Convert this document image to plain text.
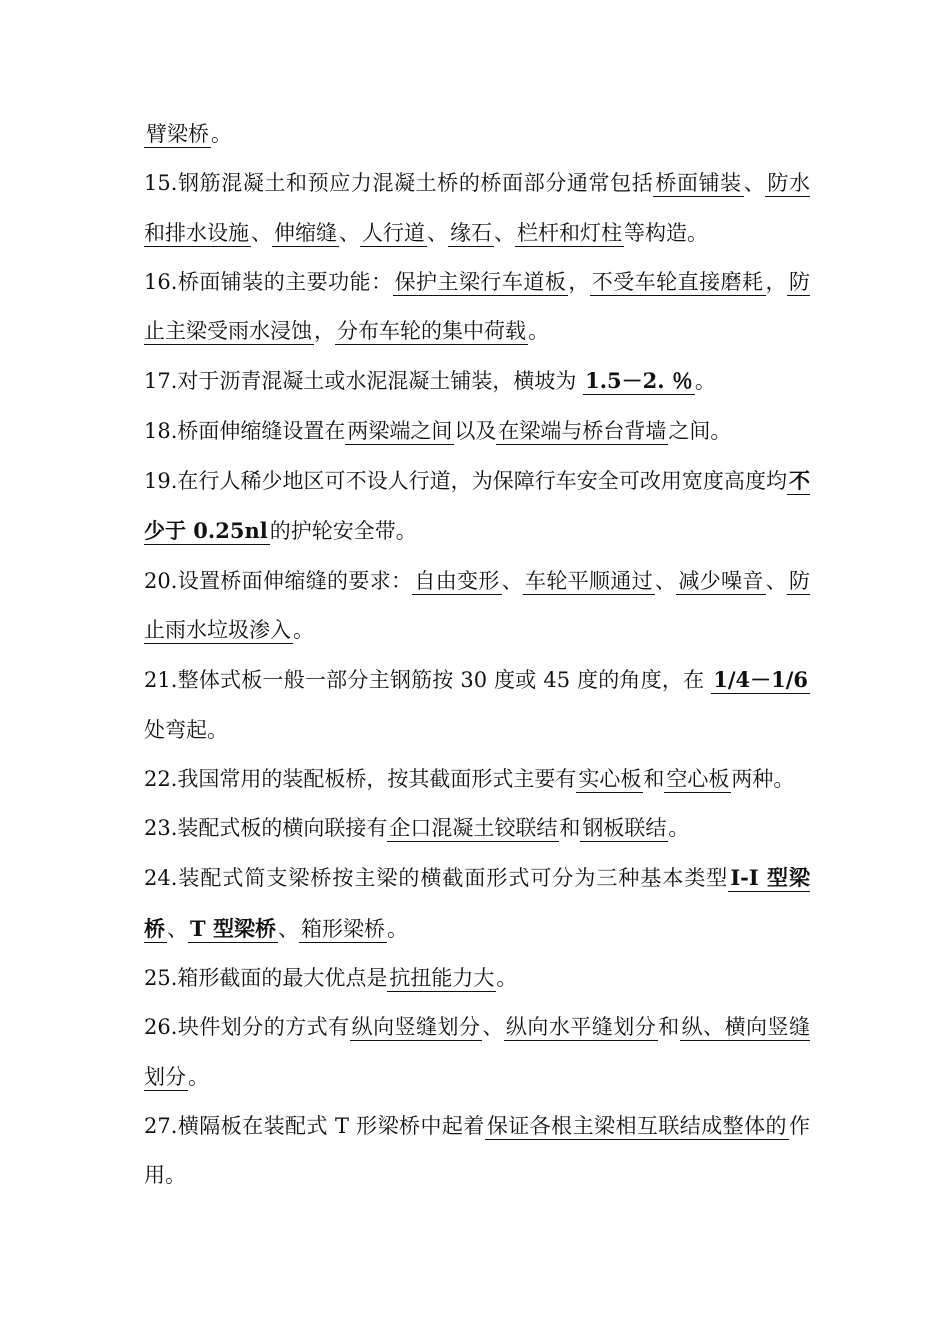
臂梁桥。

15.钢筋混凝土和预应力混凝土桥的桥面部分通常包括桥面铺装、防水和排水设施、伸缩缝、人行道、缘石、栏杆和灯柱等构造。

16.桥面铺装的主要功能：保护主梁行车道板，不受车轮直接磨耗，防止主梁受雨水浸蚀，分布车轮的集中荷载。

17.对于沥青混凝土或水泥混凝土铺装，横坡为 1.5－2. ％。

18.桥面伸缩缝设置在两梁端之间以及在梁端与桥台背墙之间。

19.在行人稀少地区可不设人行道，为保障行车安全可改用宽度高度均不少于 0.25nl的护轮安全带。

20.设置桥面伸缩缝的要求：自由变形、车轮平顺通过、减少噪音、防止雨水垃圾渗入。

21.整体式板一般一部分主钢筋按 30 度或 45 度的角度，在 1/4－1/6处弯起。

22.我国常用的装配板桥，按其截面形式主要有实心板和空心板两种。

23.装配式板的横向联接有企口混凝土铰联结和钢板联结。

24.装配式简支梁桥按主梁的横截面形式可分为三种基本类型I-I 型梁桥、T 型梁桥、箱形梁桥。

25.箱形截面的最大优点是抗扭能力大。

26.块件划分的方式有纵向竖缝划分、纵向水平缝划分和纵、横向竖缝划分。

27.横隔板在装配式 T 形梁桥中起着保证各根主梁相互联结成整体的作用。
